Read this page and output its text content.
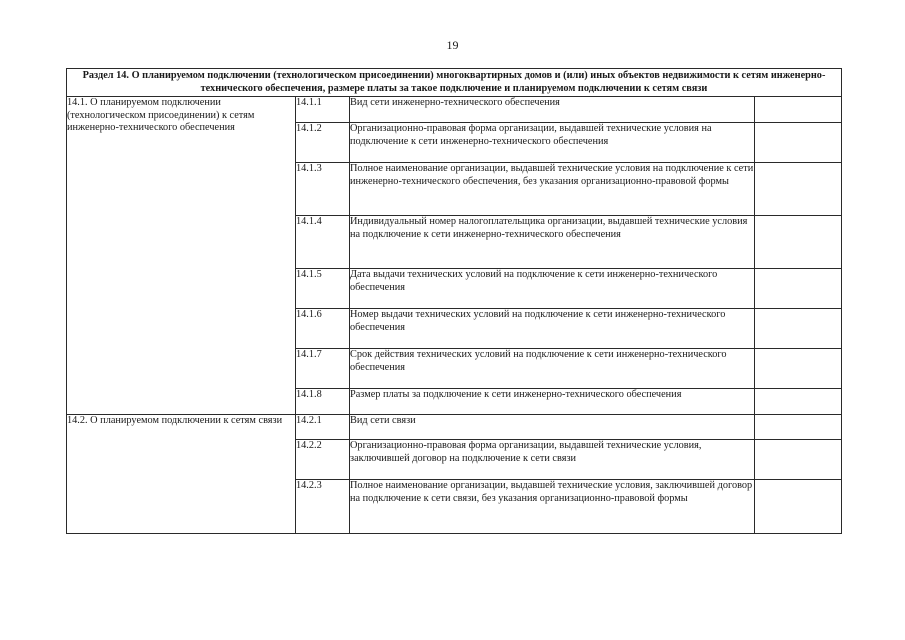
19
Раздел 14. О планируемом подключении (технологическом присоединении) многоквартирных домов и (или) иных объектов недвижимости к сетям инженерно-технического обеспечения, размере платы за такое подключение и планируемом подключении к сетям связи			
14.1. О планируемом подключении (технологическом присоединении) к сетям инженерно-технического обеспечения	14.1.1	Вид сети инженерно-технического обеспечения	
	14.1.2	Организационно-правовая форма организации, выдавшей технические условия на подключение к сети инженерно-технического обеспечения	
	14.1.3	Полное наименование организации, выдавшей технические условия на подключение к сети инженерно-технического обеспечения, без указания организационно-правовой формы	
	14.1.4	Индивидуальный номер налогоплательщика организации, выдавшей технические условия на подключение к сети инженерно-технического обеспечения	
	14.1.5	Дата выдачи технических условий на подключение к сети инженерно-технического обеспечения	
	14.1.6	Номер выдачи технических условий на подключение к сети инженерно-технического обеспечения	
	14.1.7	Срок действия технических условий на подключение к сети инженерно-технического обеспечения	
	14.1.8	Размер платы за подключение к сети инженерно-технического обеспечения	
14.2. О планируемом подключении к сетям связи	14.2.1	Вид сети связи	
	14.2.2	Организационно-правовая форма организации, выдавшей технические условия, заключившей договор на подключение к сети связи	
	14.2.3	Полное наименование организации, выдавшей технические условия, заключившей договор на подключение к сети связи, без указания организационно-правовой формы	
